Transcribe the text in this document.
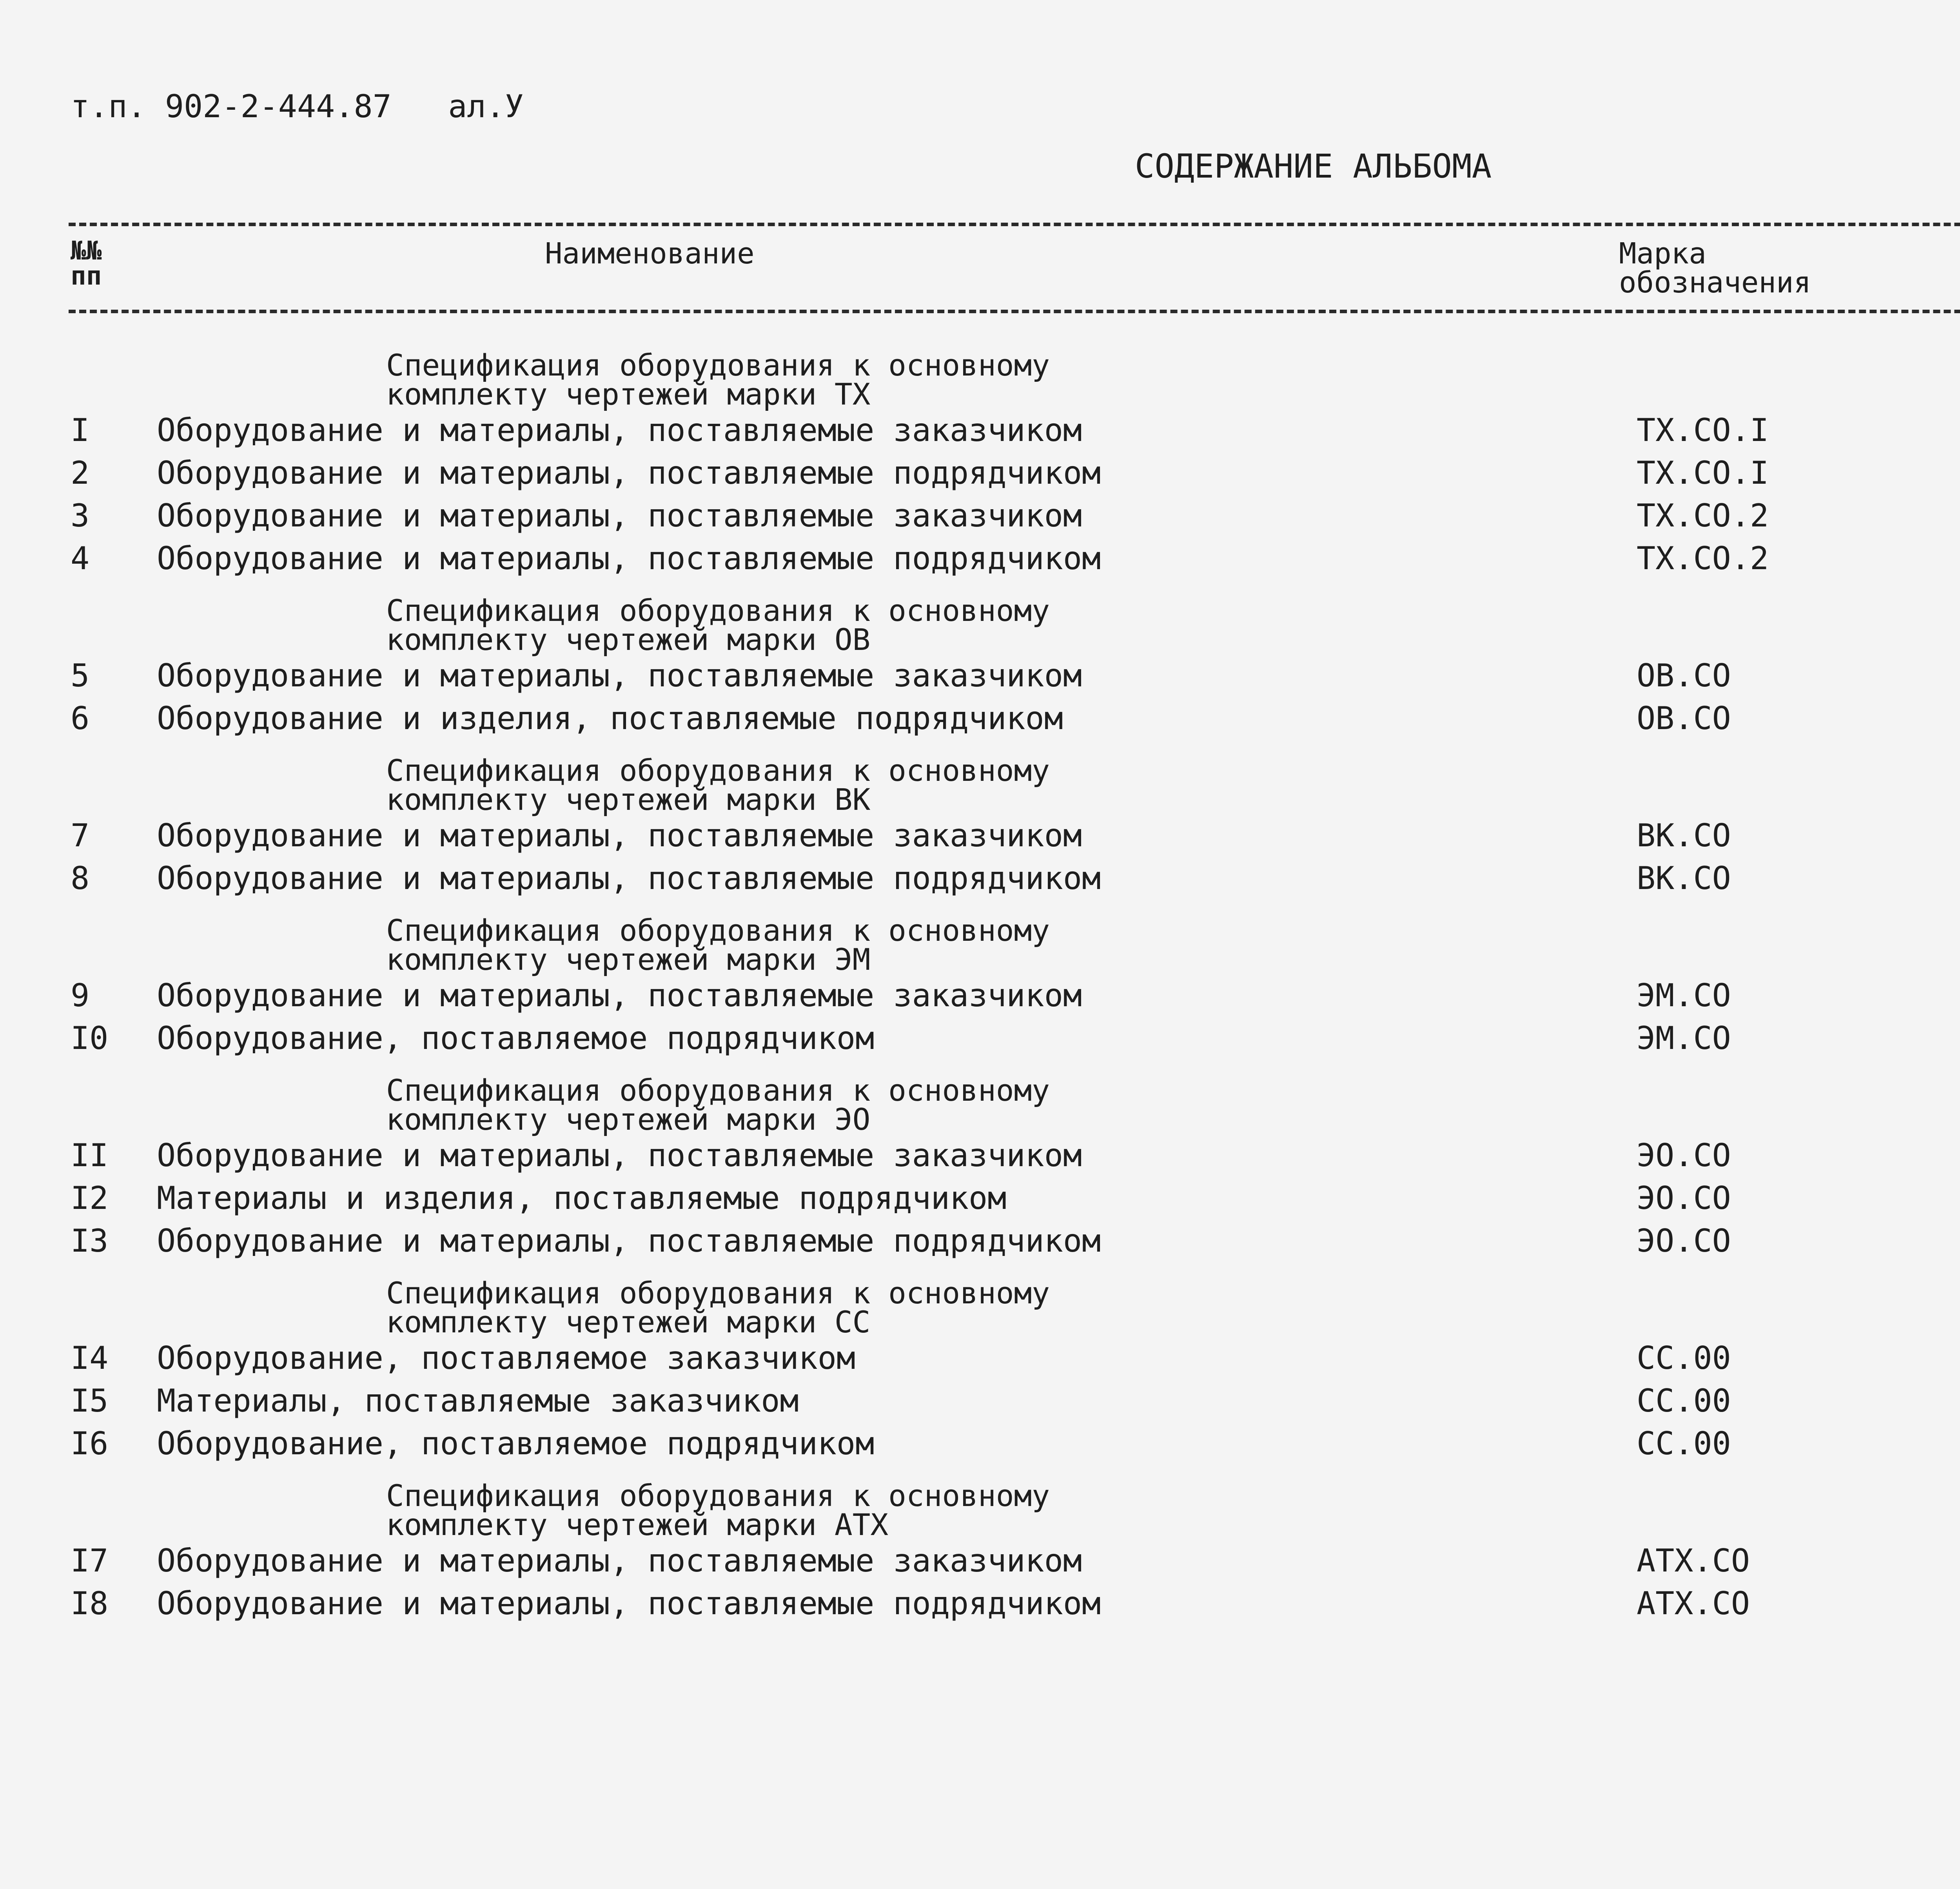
т.п. 902-2-444.87   ал.У
СОДЕРЖАНИЕ АЛЬБОМА
№№ пп
Наименование	Марка обозначения
Спецификация оборудования к основному
комплекту чертежей марки ТХ
I Оборудование и материалы, поставляемые заказчиком	ТХ.СО.I
2 Оборудование и материалы, поставляемые подрядчиком	ТХ.СО.I
3 Оборудование и материалы, поставляемые заказчиком	ТХ.СО.2
4 Оборудование и материалы, поставляемые подрядчиком	ТХ.СО.2
Спецификация оборудования к основному
комплекту чертежей марки ОВ
5 Оборудование и материалы, поставляемые заказчиком	ОВ.СО
6 Оборудование и изделия, поставляемые подрядчиком	ОВ.СО
Спецификация оборудования к основному
комплекту чертежей марки ВК
7 Оборудование и материалы, поставляемые заказчиком	ВК.СО
8 Оборудование и материалы, поставляемые подрядчиком	ВК.СО
Спецификация оборудования к основному
комплекту чертежей марки ЭМ
9 Оборудование и материалы, поставляемые заказчиком	ЭМ.СО
I0 Оборудование, поставляемое подрядчиком	ЭМ.СО
Спецификация оборудования к основному
комплекту чертежей марки ЭО
II Оборудование и материалы, поставляемые заказчиком	ЭО.СО
I2 Материалы и изделия, поставляемые подрядчиком	ЭО.СО
I3 Оборудование и материалы, поставляемые подрядчиком	ЭО.СО
Спецификация оборудования к основному
комплекту чертежей марки СС
I4 Оборудование, поставляемое заказчиком	СС.00
I5 Материалы, поставляемые заказчиком	СС.00
I6 Оборудование, поставляемое подрядчиком	СС.00
Спецификация оборудования к основному
комплекту чертежей марки АТХ
I7 Оборудование и материалы, поставляемые заказчиком	АТХ.СО
I8 Оборудование и материалы, поставляемые подрядчиком	АТХ.СО
